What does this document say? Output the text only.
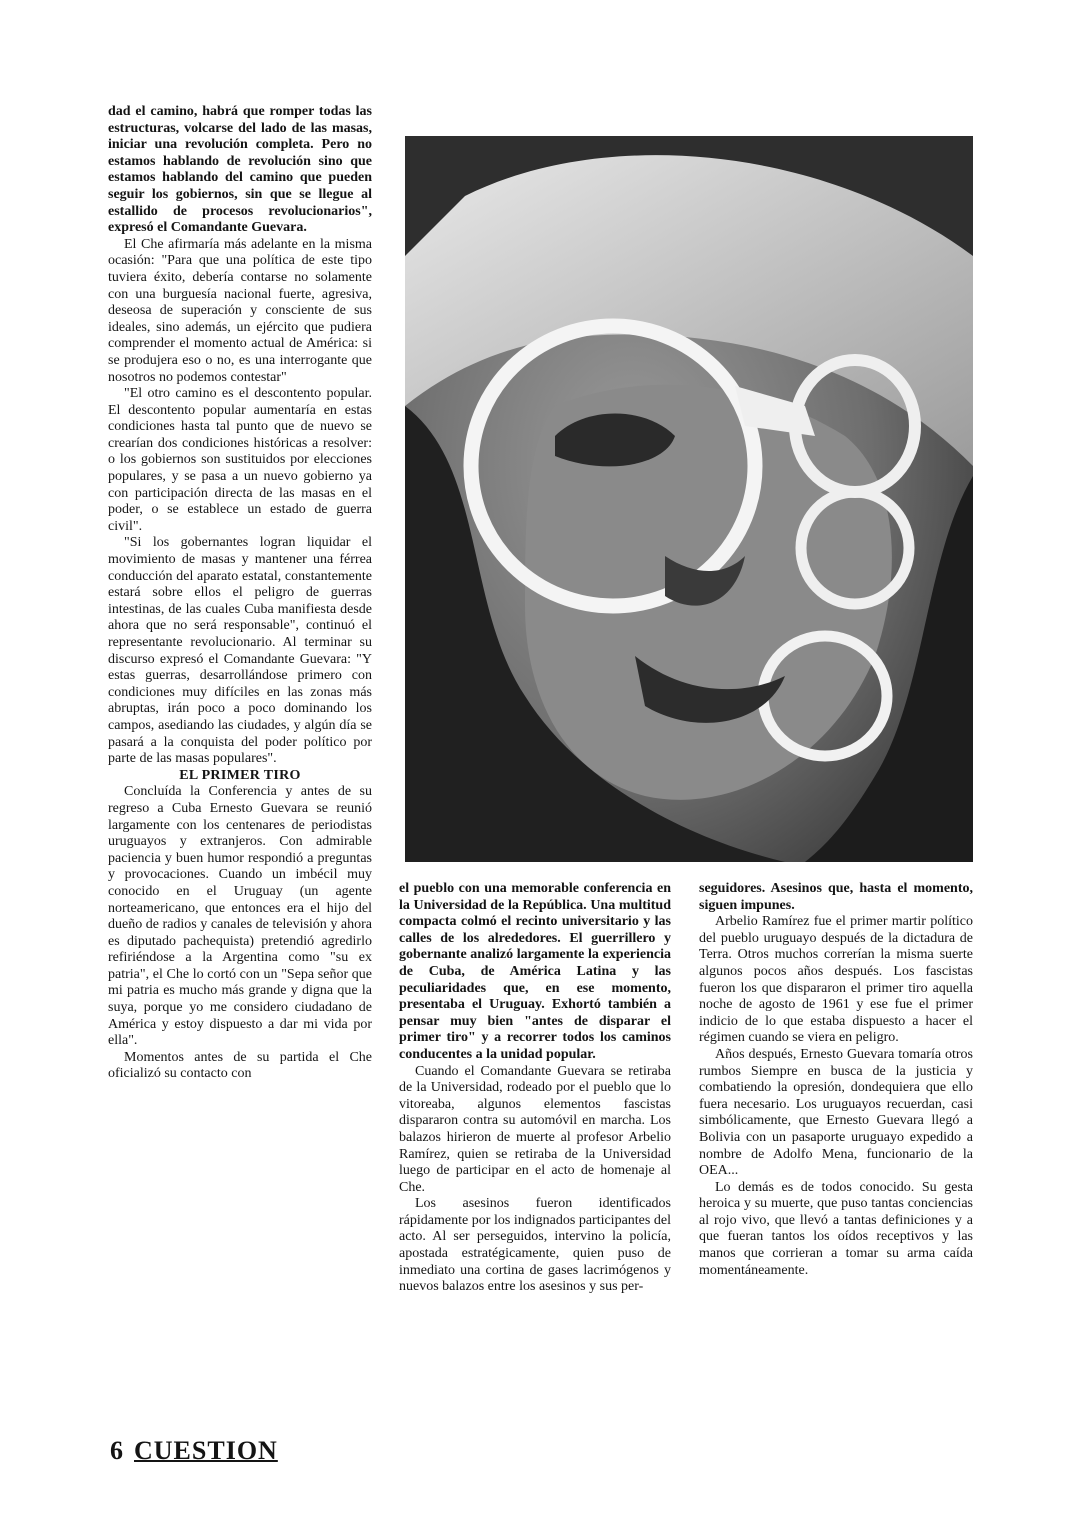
dad el camino, habrá que romper todas las estructuras, volcarse del lado de las masas, iniciar una revolución completa. Pero no estamos hablando de revolución sino que estamos hablando del camino que pueden seguir los gobiernos, sin que se llegue al estallido de procesos revolucionarios", expresó el Comandante Guevara.

El Che afirmaría más adelante en la misma ocasión: "Para que una política de este tipo tuviera éxito, debería contarse no solamente con una burguesía nacional fuerte, agresiva, deseosa de superación y consciente de sus ideales, sino además, un ejército que pudiera comprender el momento actual de América: si se produjera eso o no, es una interrogante que nosotros no podemos contestar"

"El otro camino es el descontento popular. El descontento popular aumentaría en estas condiciones hasta tal punto que de nuevo se crearían dos condiciones históricas a resolver: o los gobiernos son sustituidos por elecciones populares, y se pasa a un nuevo gobierno ya con participación directa de las masas en el poder, o se establece un estado de guerra civil".

"Si los gobernantes logran liquidar el movimiento de masas y mantener una férrea conducción del aparato estatal, constantemente estará sobre ellos el peligro de guerras intestinas, de las cuales Cuba manifiesta desde ahora que no será responsable", continuó el representante revolucionario. Al terminar su discurso expresó el Comandante Guevara: "Y estas guerras, desarrollándose primero con condiciones muy difíciles en las zonas más abruptas, irán poco a poco dominando los campos, asediando las ciudades, y algún día se pasará a la conquista del poder político por parte de las masas populares".

EL PRIMER TIRO

Concluída la Conferencia y antes de su regreso a Cuba Ernesto Guevara se reunió largamente con los centenares de periodistas uruguayos y extranjeros. Con admirable paciencia y buen humor respondió a preguntas y provocaciones. Cuando un imbécil muy conocido en el Uruguay (un agente norteamericano, que entonces era el hijo del dueño de radios y canales de televisión y ahora es diputado pachequista) pretendió agredirlo refiriéndose a la Argentina como "su ex patria", el Che lo cortó con un "Sepa señor que mi patria es mucho más grande y digna que la suya, porque yo me considero ciudadano de América y estoy dispuesto a dar mi vida por ella".

Momentos antes de su partida el Che oficializó su contacto con

el pueblo con una memorable conferencia en la Universidad de la República. Una multitud compacta colmó el recinto universitario y las calles de los alrededores. El guerrillero y gobernante analizó largamente la experiencia de Cuba, de América Latina y las peculiaridades que, en ese momento, presentaba el Uruguay. Exhortó también a pensar muy bien "antes de disparar el primer tiro" y a recorrer todos los caminos conducentes a la unidad popular.

Cuando el Comandante Guevara se retiraba de la Universidad, rodeado por el pueblo que lo vitoreaba, algunos elementos fascistas dispararon contra su automóvil en marcha. Los balazos hirieron de muerte al profesor Arbelio Ramírez, quien se retiraba de la Universidad luego de participar en el acto de homenaje al Che.

Los asesinos fueron identificados rápidamente por los indignados participantes del acto. Al ser perseguidos, intervino la policía, apostada estratégicamente, quien puso de inmediato una cortina de gases lacrimógenos y nuevos balazos entre los asesinos y sus per-

seguidores. Asesinos que, hasta el momento, siguen impunes.

Arbelio Ramírez fue el primer martir político del pueblo uruguayo después de la dictadura de Terra. Otros muchos correrían la misma suerte algunos pocos años después. Los fascistas fueron los que dispararon el primer tiro aquella noche de agosto de 1961 y ese fue el primer indicio de lo que estaba dispuesto a hacer el régimen cuando se viera en peligro.

Años después, Ernesto Guevara tomaría otros rumbos Siempre en busca de la justicia y combatiendo la opresión, dondequiera que ello fuera necesario. Los uruguayos recuerdan, casi simbólicamente, que Ernesto Guevara llegó a Bolivia con un pasaporte uruguayo expedido a nombre de Adolfo Mena, funcionario de la OEA...

Lo demás es de todos conocido. Su gesta heroica y su muerte, que puso tantas conciencias al rojo vivo, que llevó a tantas definiciones y a que fueran tantos los oídos receptivos y las manos que corrieran a tomar su arma caída momentáneamente.

6 CUESTION
